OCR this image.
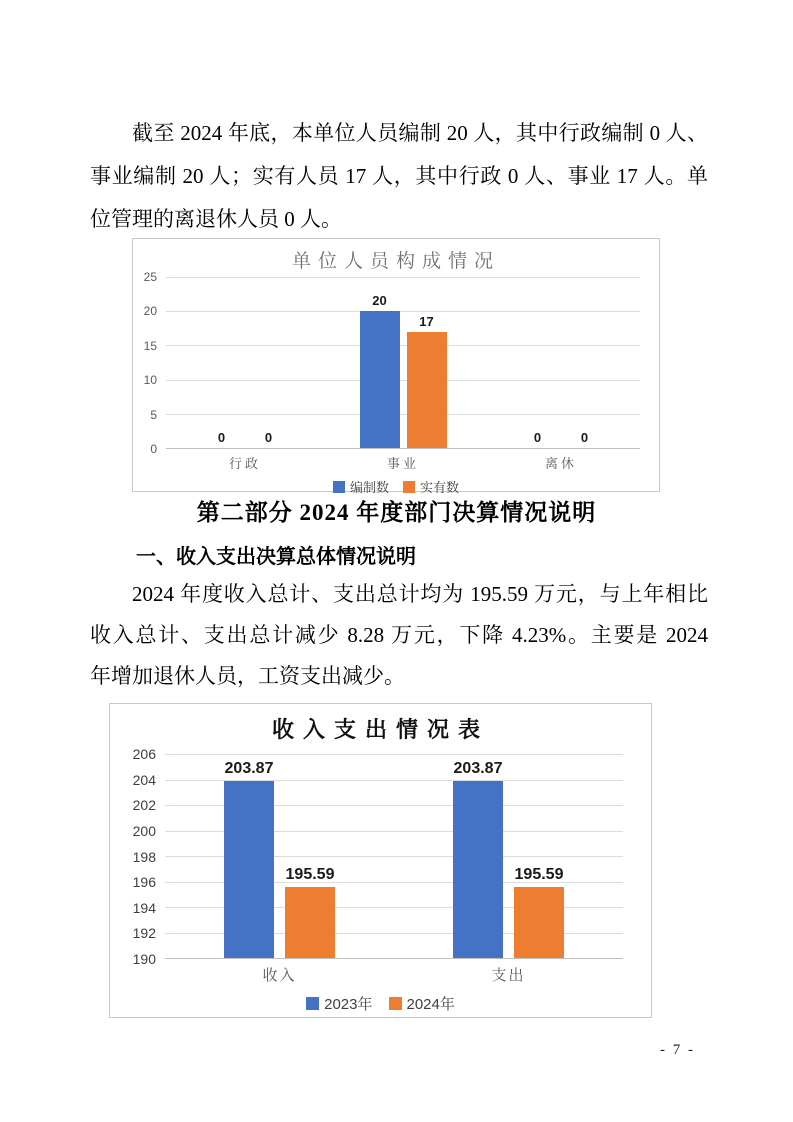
截至 2024 年底，本单位人员编制 20 人，其中行政编制 0 人、
事业编制 20 人；实有人员 17 人，其中行政 0 人、事业 17 人。单
位管理的离退休人员 0 人。
单位人员构成情况
0
5
10
15
20
25
0	0
20
17
0	0
行政	事业	离休
编制数 实有数
第二部分 2024 年度部门决算情况说明
一、收入支出决算总体情况说明
2024 年度收入总计、支出总计均为 195.59 万元，与上年相比
收入总计、支出总计减少 8.28 万元，下降 4.23%。主要是 2024
年增加退休人员，工资支出减少。
收入支出情况表
190
192
194
196
198
200
202
204
206
203.87
195.59
203.87
195.59
收入	支出
2023年 2024年
- 7 -
